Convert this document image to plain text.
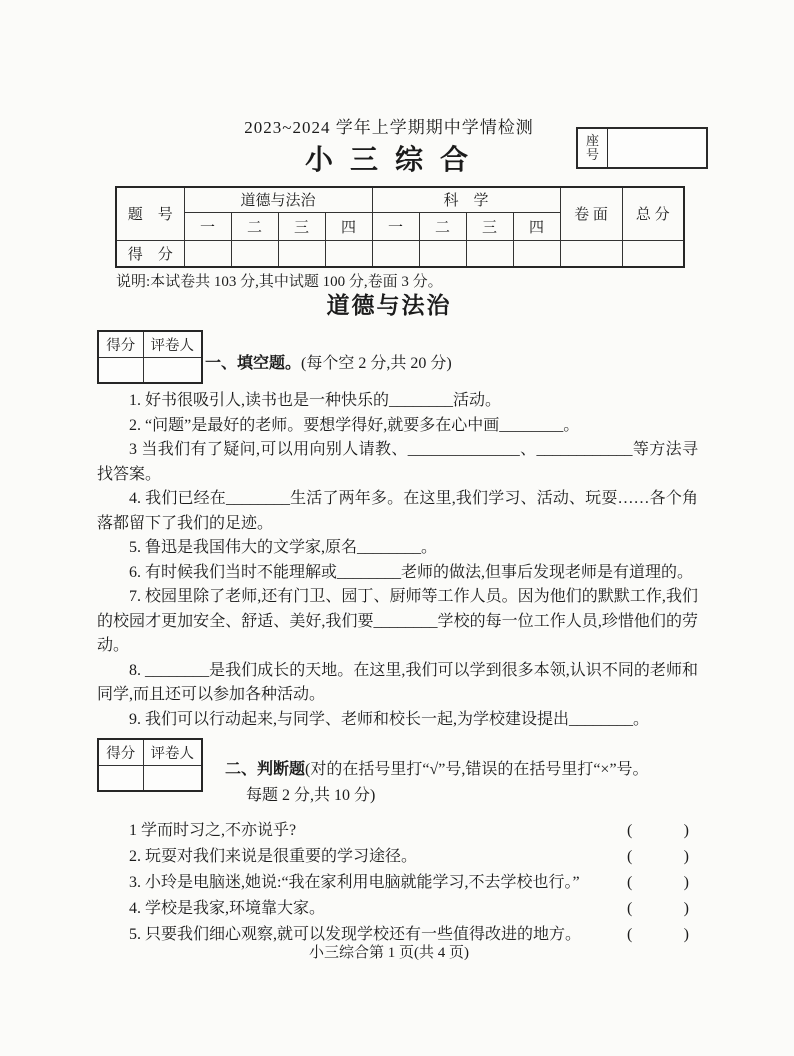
2023~2024 学年上学期期中学情检测
座号
小 三 综 合
题　号	道德与法治				科　学				卷 面	总 分
	一	二	三	四	一	二	三	四		
得　分										
说明:本试卷共 103 分,其中试题 100 分,卷面 3 分。
道德与法治
得分	评卷人

一、填空题。(每个空 2 分,共 20 分)

1. 好书很吸引人,读书也是一种快乐的________活动。

2. “问题”是最好的老师。要想学得好,就要多在心中画________。

3 当我们有了疑问,可以用向别人请教、______________、____________等方法寻找答案。

4. 我们已经在________生活了两年多。在这里,我们学习、活动、玩耍……各个角落都留下了我们的足迹。

5. 鲁迅是我国伟大的文学家,原名________。

6. 有时候我们当时不能理解或________老师的做法,但事后发现老师是有道理的。

7. 校园里除了老师,还有门卫、园丁、厨师等工作人员。因为他们的默默工作,我们的校园才更加安全、舒适、美好,我们要________学校的每一位工作人员,珍惜他们的劳动。

8. ________是我们成长的天地。在这里,我们可以学到很多本领,认识不同的老师和同学,而且还可以参加各种活动。

9. 我们可以行动起来,与同学、老师和校长一起,为学校建设提出________。

得分	评卷人

二、判断题(对的在括号里打“√”号,错误的在括号里打“×”号。
每题 2 分,共 10 分)
1 学而时习之,不亦说乎?	(	)
2. 玩耍对我们来说是很重要的学习途径。	(	)
3. 小玲是电脑迷,她说:“我在家利用电脑就能学习,不去学校也行。”	(	)
4. 学校是我家,环境靠大家。	(	)
5. 只要我们细心观察,就可以发现学校还有一些值得改进的地方。	(	)
小三综合第 1 页(共 4 页)
